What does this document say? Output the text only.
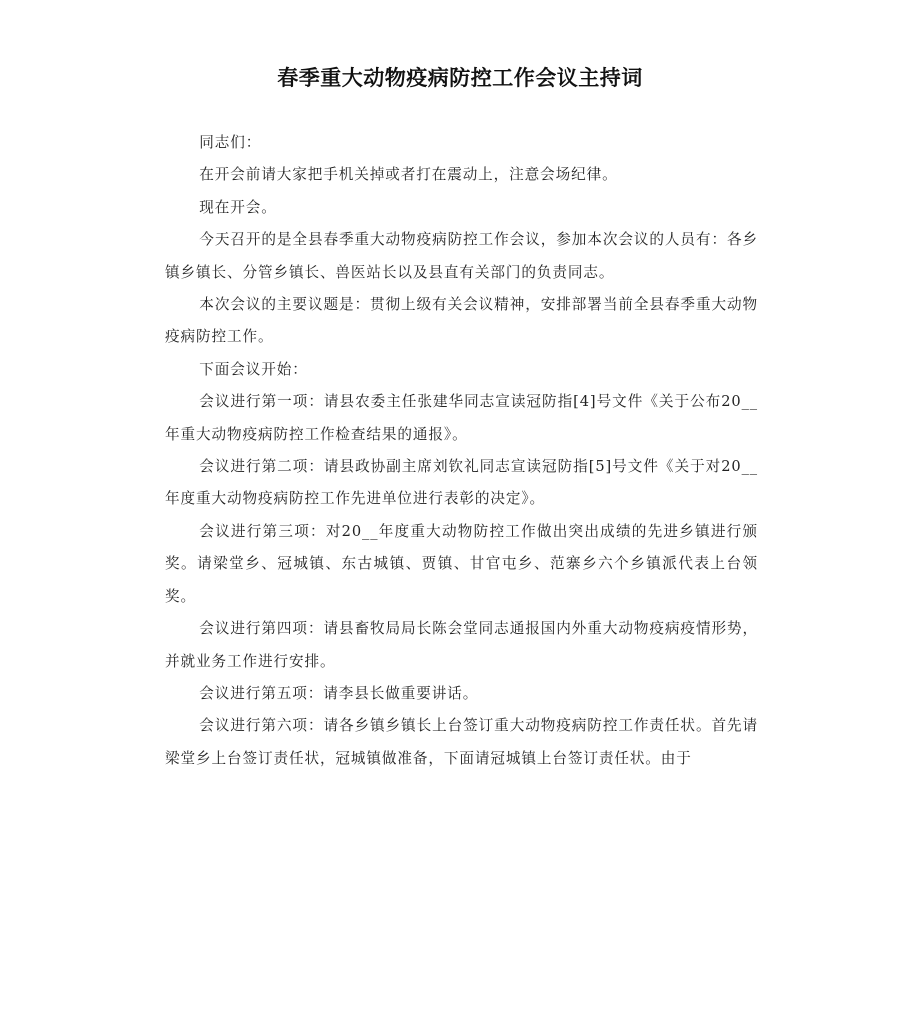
春季重大动物疫病防控工作会议主持词

同志们：

在开会前请大家把手机关掉或者打在震动上，注意会场纪律。

现在开会。

今天召开的是全县春季重大动物疫病防控工作会议，参加本次会议的人员有：各乡镇乡镇长、分管乡镇长、兽医站长以及县直有关部门的负责同志。

本次会议的主要议题是：贯彻上级有关会议精神，安排部署当前全县春季重大动物疫病防控工作。

下面会议开始：

会议进行第一项：请县农委主任张建华同志宣读冠防指[4]号文件《关于公布20__年重大动物疫病防控工作检查结果的通报》。

会议进行第二项：请县政协副主席刘钦礼同志宣读冠防指[5]号文件《关于对20__年度重大动物疫病防控工作先进单位进行表彰的决定》。

会议进行第三项：对20__年度重大动物防控工作做出突出成绩的先进乡镇进行颁奖。请梁堂乡、冠城镇、东古城镇、贾镇、甘官屯乡、范寨乡六个乡镇派代表上台领奖。

会议进行第四项：请县畜牧局局长陈会堂同志通报国内外重大动物疫病疫情形势，并就业务工作进行安排。

会议进行第五项：请李县长做重要讲话。

会议进行第六项：请各乡镇乡镇长上台签订重大动物疫病防控工作责任状。首先请梁堂乡上台签订责任状，冠城镇做准备，下面请冠城镇上台签订责任状。由于
